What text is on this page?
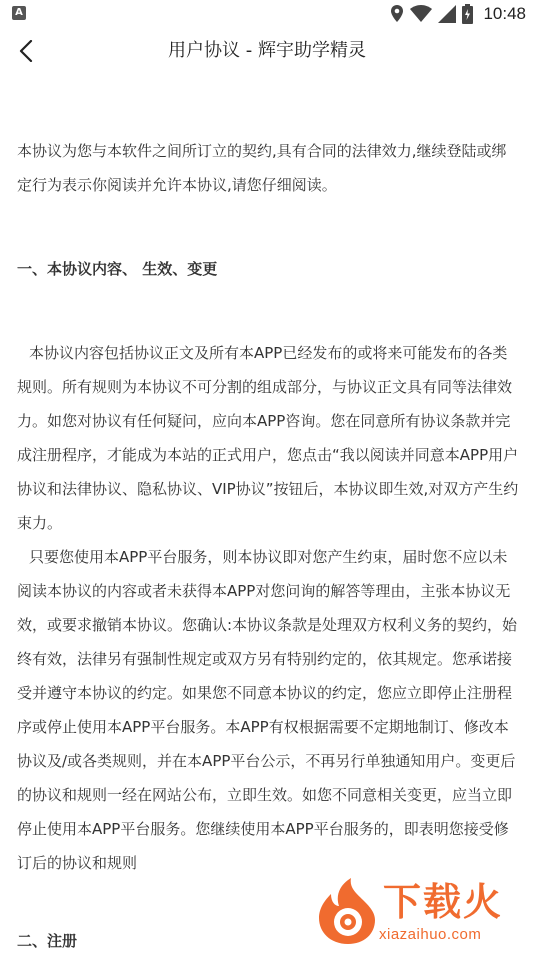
A	10:48
用户协议 - 辉宇助学精灵

本协议为您与本软件之间所订立的契约,具有合同的法律效力,继续登陆或绑定行为表示你阅读并允许本协议,请您仔细阅读。

一、本协议内容、 生效、变更

本协议内容包括协议正文及所有本APP已经发布的或将来可能发布的各类规则。所有规则为本协议不可分割的组成部分，与协议正文具有同等法律效力。如您对协议有任何疑问，应向本APP咨询。您在同意所有协议条款并完成注册程序，才能成为本站的正式用户，您点击“我以阅读并同意本APP用户协议和法律协议、隐私协议、VIP协议”按钮后，本协议即生效,对双方产生约束力。

只要您使用本APP平台服务，则本协议即对您产生约束，届时您不应以未阅读本协议的内容或者未获得本APP对您问询的解答等理由，主张本协议无效，或要求撤销本协议。您确认:本协议条款是处理双方权利义务的契约，始终有效，法律另有强制性规定或双方另有特别约定的，依其规定。您承诺接受并遵守本协议的约定。如果您不同意本协议的约定，您应立即停止注册程序或停止使用本APP平台服务。本APP有权根据需要不定期地制订、修改本协议及/或各类规则，并在本APP平台公示，不再另行单独通知用户。变更后的协议和规则一经在网站公布，立即生效。如您不同意相关变更，应当立即停止使用本APP平台服务。您继续使用本APP平台服务的，即表明您接受修订后的协议和规则

二、注册

下载火
xiazaihuo.com
